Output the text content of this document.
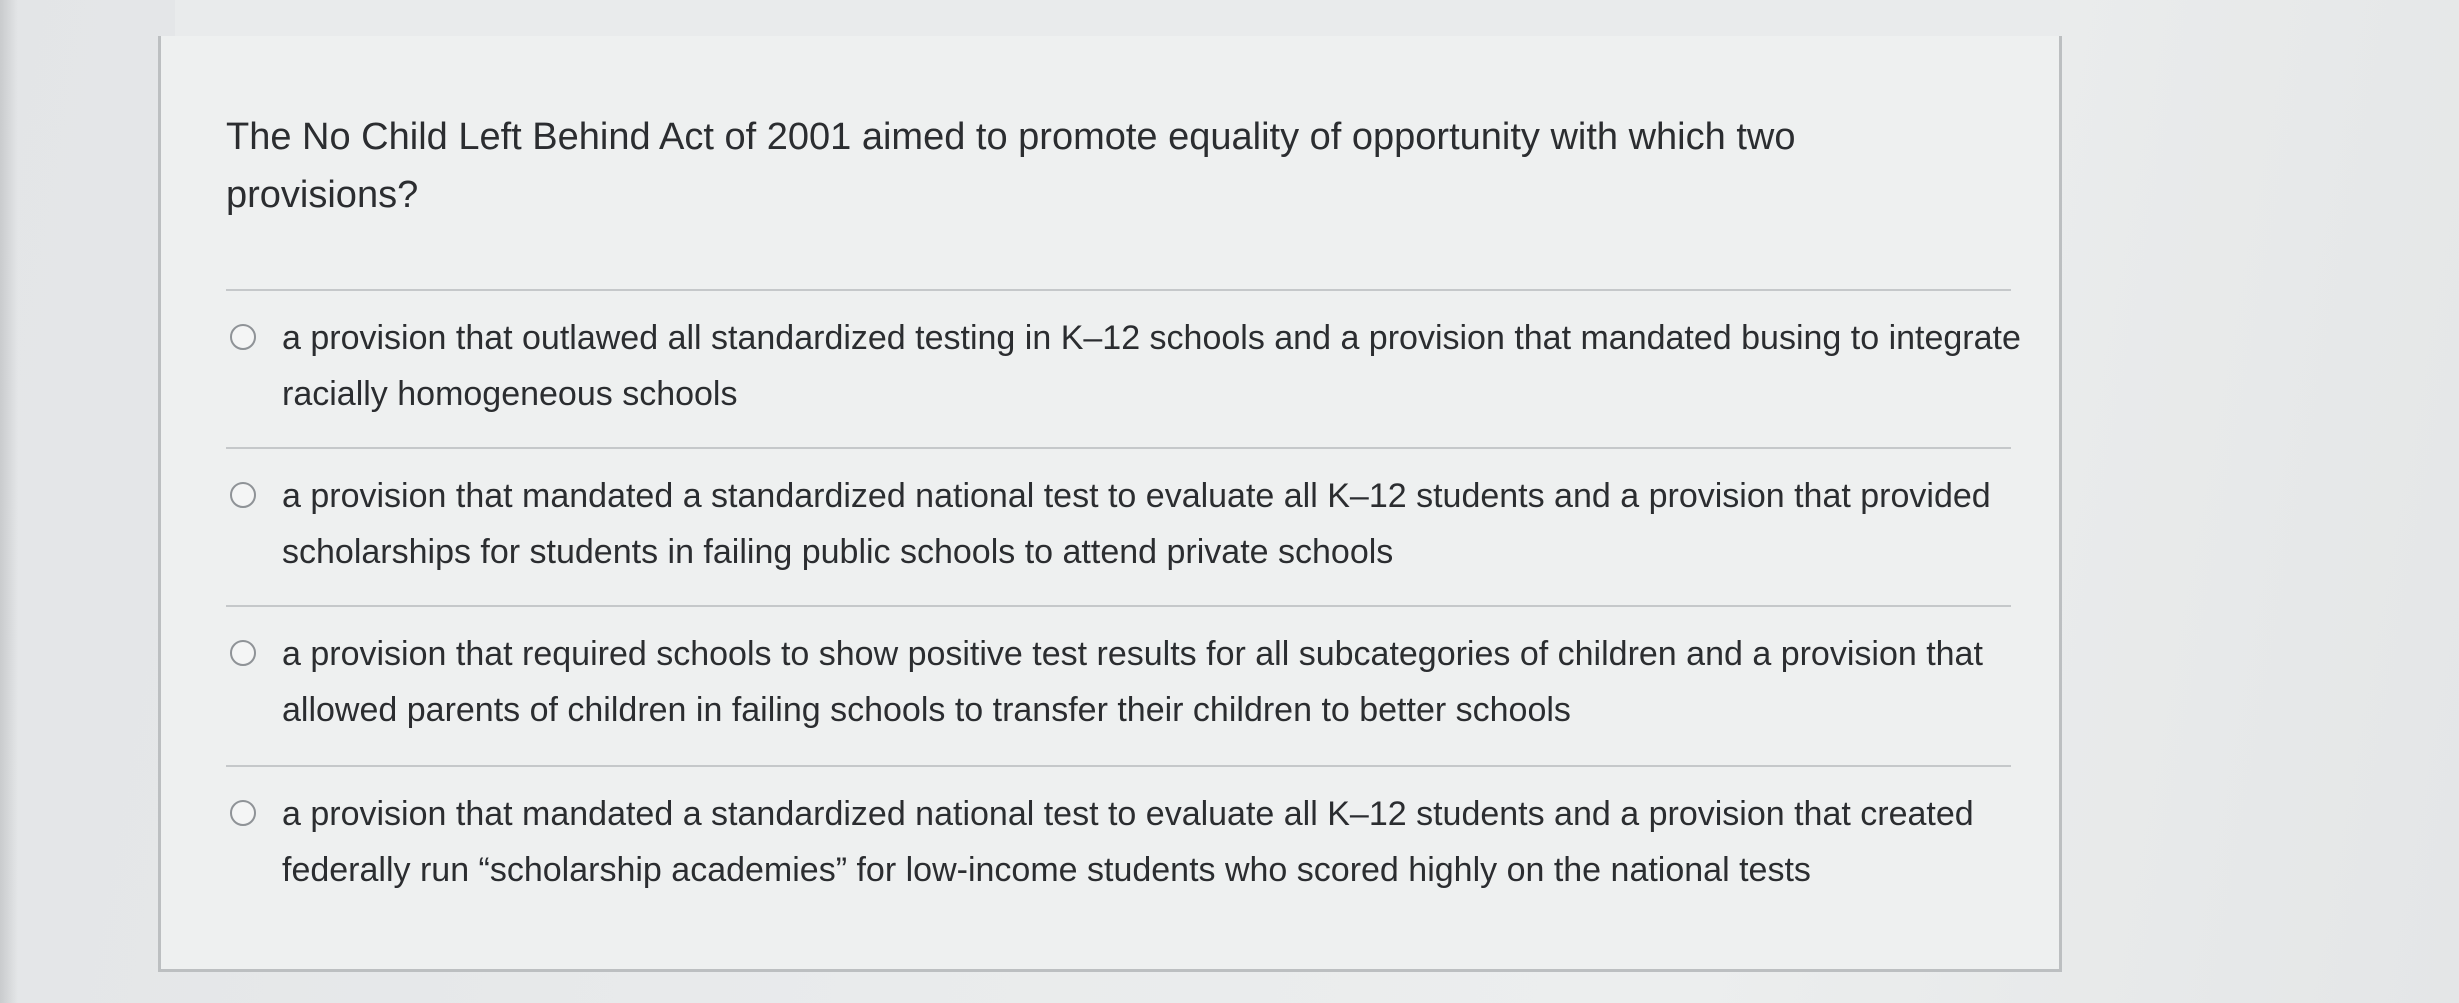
The No Child Left Behind Act of 2001 aimed to promote equality of opportunity with which two provisions?

a provision that outlawed all standardized testing in K–12 schools and a provision that mandated busing to integrate racially homogeneous schools
a provision that mandated a standardized national test to evaluate all K–12 students and a provision that provided scholarships for students in failing public schools to attend private schools
a provision that required schools to show positive test results for all subcategories of children and a provision that allowed parents of children in failing schools to transfer their children to better schools
a provision that mandated a standardized national test to evaluate all K–12 students and a provision that created federally run “scholarship academies” for low-income students who scored highly on the national tests
